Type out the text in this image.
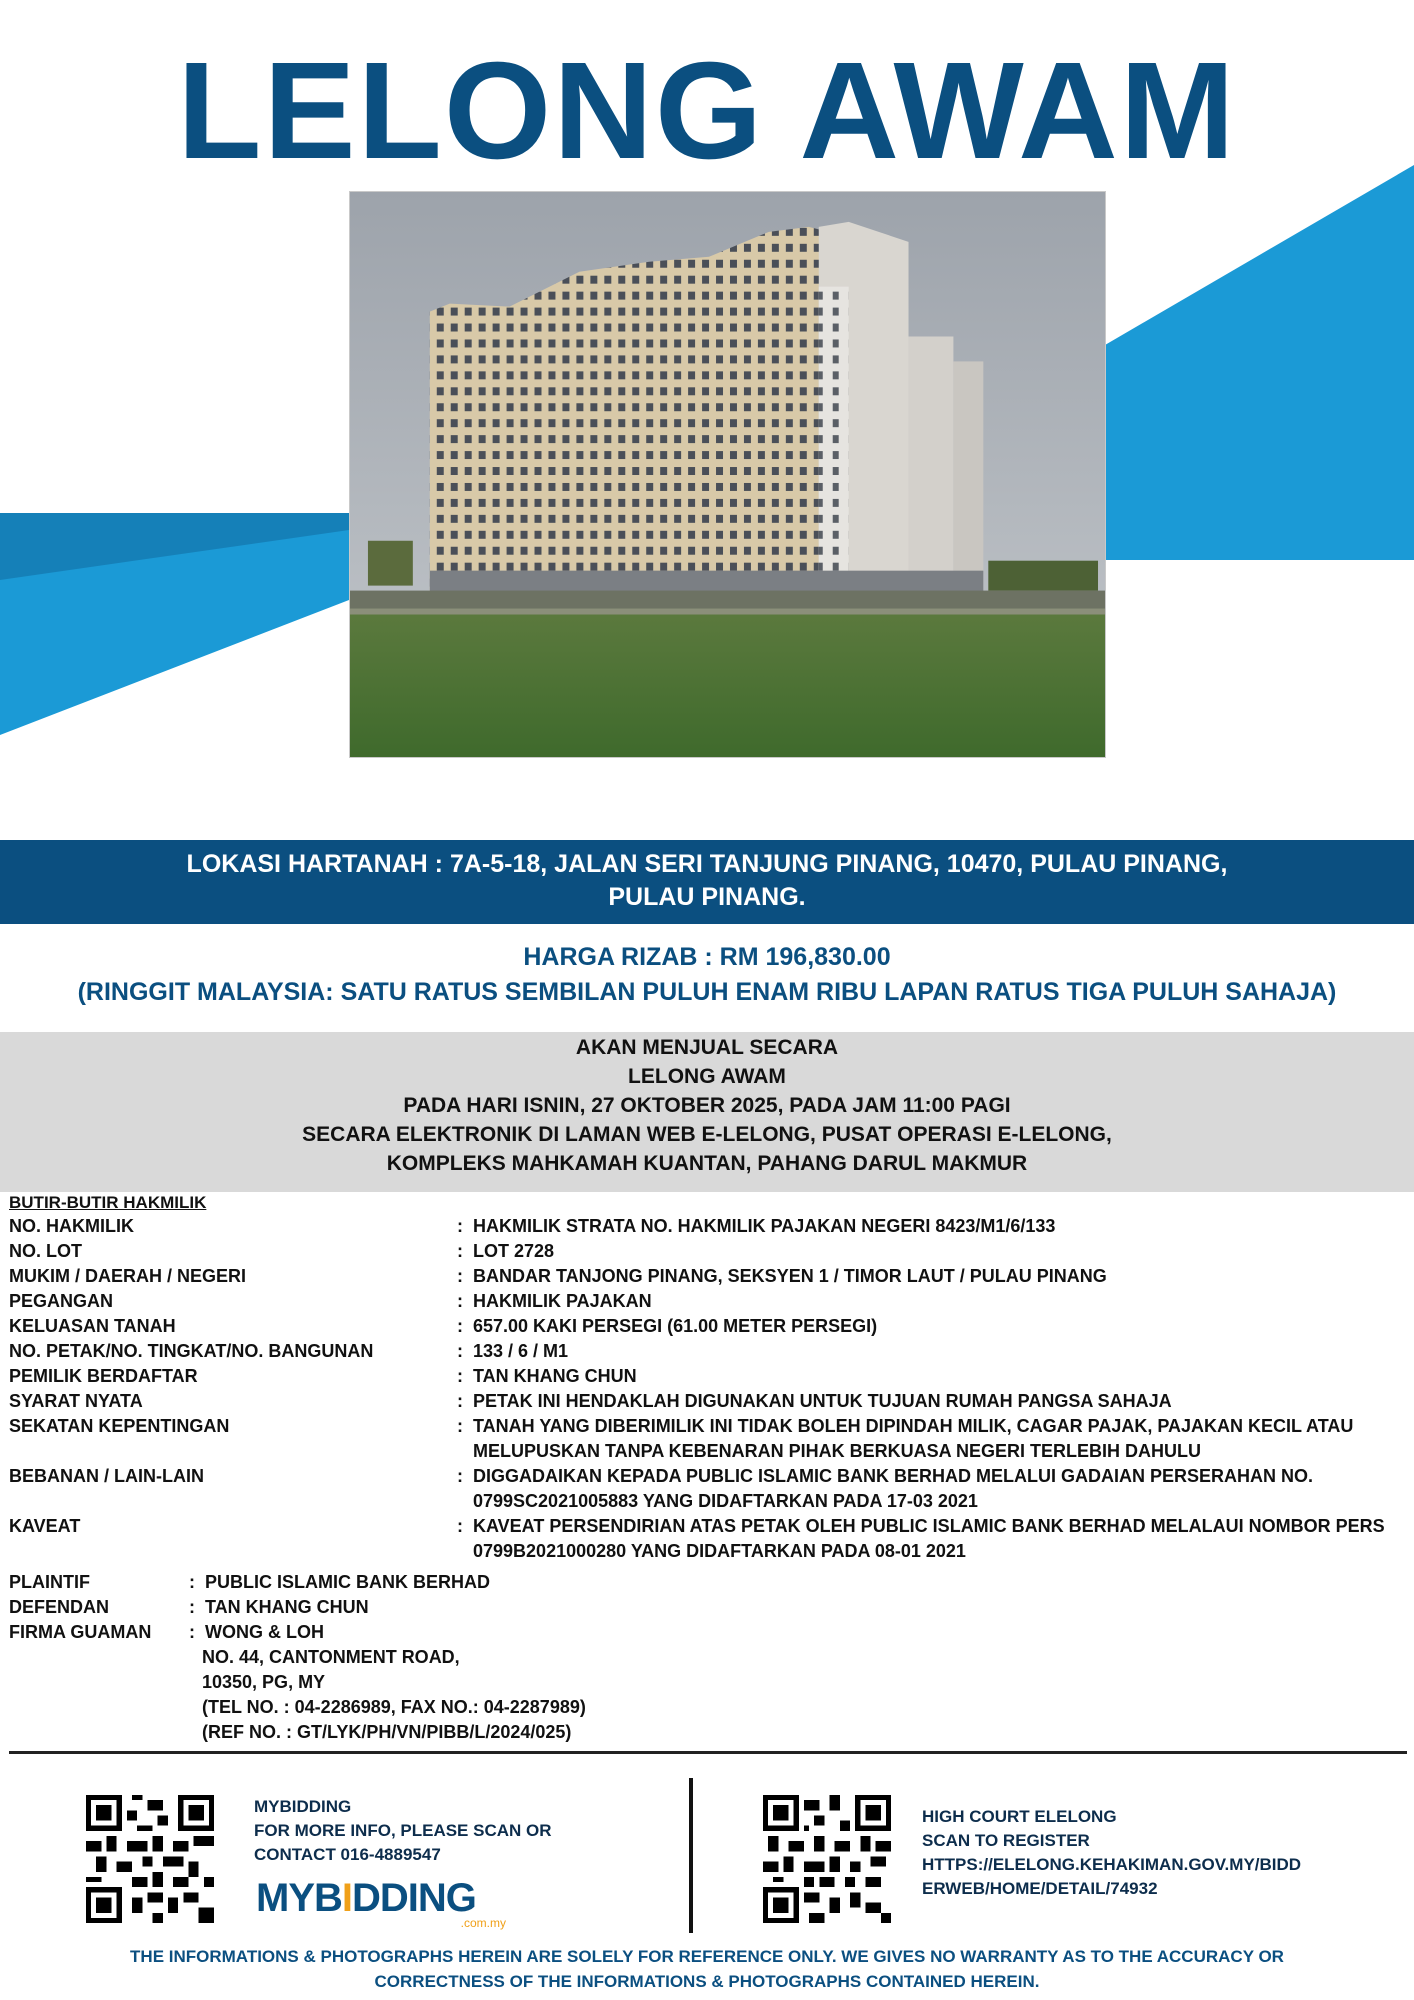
LELONG AWAM
LOKASI HARTANAH : 7A-5-18, JALAN SERI TANJUNG PINANG, 10470, PULAU PINANG,
PULAU PINANG.
HARGA RIZAB : RM 196,830.00
(RINGGIT MALAYSIA: SATU RATUS SEMBILAN PULUH ENAM RIBU LAPAN RATUS TIGA PULUH SAHAJA)
AKAN MENJUAL SECARA
LELONG AWAM
PADA HARI ISNIN, 27 OKTOBER 2025, PADA JAM 11:00 PAGI
SECARA ELEKTRONIK DI LAMAN WEB E-LELONG, PUSAT OPERASI E-LELONG,
KOMPLEKS MAHKAMAH KUANTAN, PAHANG DARUL MAKMUR
BUTIR-BUTIR HAKMILIK
NO. HAKMILIK	: HAKMILIK STRATA NO. HAKMILIK PAJAKAN NEGERI 8423/M1/6/133
NO. LOT	: LOT 2728
MUKIM / DAERAH / NEGERI	: BANDAR TANJONG PINANG, SEKSYEN 1 / TIMOR LAUT / PULAU PINANG
PEGANGAN	: HAKMILIK PAJAKAN
KELUASAN TANAH	: 657.00 KAKI PERSEGI (61.00 METER PERSEGI)
NO. PETAK/NO. TINGKAT/NO. BANGUNAN	: 133 / 6 / M1
PEMILIK BERDAFTAR	: TAN KHANG CHUN
SYARAT NYATA	: PETAK INI HENDAKLAH DIGUNAKAN UNTUK TUJUAN RUMAH PANGSA SAHAJA
SEKATAN KEPENTINGAN	: TANAH YANG DIBERIMILIK INI TIDAK BOLEH DIPINDAH MILIK, CAGAR PAJAK, PAJAKAN KECIL ATAU MELUPUSKAN TANPA KEBENARAN PIHAK BERKUASA NEGERI TERLEBIH DAHULU
BEBANAN / LAIN-LAIN	: DIGGADAIKAN KEPADA PUBLIC ISLAMIC BANK BERHAD MELALUI GADAIAN PERSERAHAN NO. 0799SC2021005883 YANG DIDAFTARKAN PADA 17-03 2021
KAVEAT	: KAVEAT PERSENDIRIAN ATAS PETAK OLEH PUBLIC ISLAMIC BANK BERHAD MELALAUI NOMBOR PERS 0799B2021000280 YANG DIDAFTARKAN PADA 08-01 2021
PLAINTIF	: PUBLIC ISLAMIC BANK BERHAD
DEFENDAN	: TAN KHANG CHUN
FIRMA GUAMAN	: WONG & LOH
NO. 44, CANTONMENT ROAD,
10350, PG, MY
(TEL NO. : 04-2286989, FAX NO.: 04-2287989)
(REF NO. : GT/LYK/PH/VN/PIBB/L/2024/025)
MYBIDDING
FOR MORE INFO, PLEASE SCAN OR
CONTACT 016-4889547
MYBIDDING
.com.my
HIGH COURT ELELONG
SCAN TO REGISTER
HTTPS://ELELONG.KEHAKIMAN.GOV.MY/BIDD
ERWEB/HOME/DETAIL/74932
THE INFORMATIONS & PHOTOGRAPHS HEREIN ARE SOLELY FOR REFERENCE ONLY. WE GIVES NO WARRANTY AS TO THE ACCURACY OR
CORRECTNESS OF THE INFORMATIONS & PHOTOGRAPHS CONTAINED HEREIN.
